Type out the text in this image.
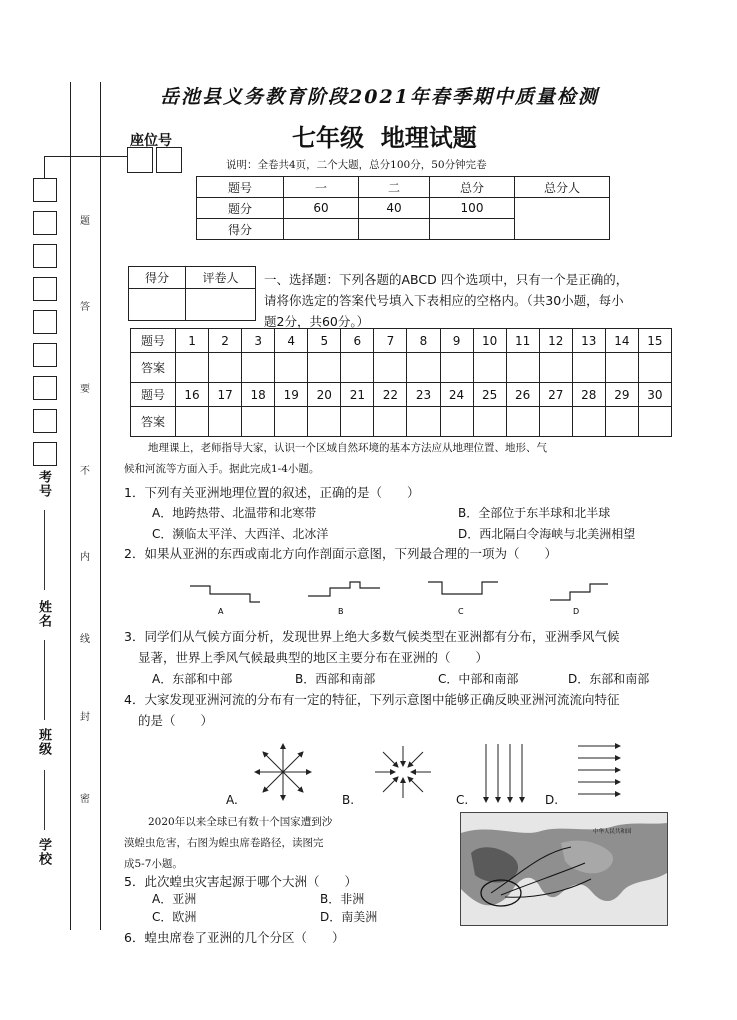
考号
姓名
班级
学校
题
答
要
不
内
线
封
密
座位号
岳池县义务教育阶段2021年春季期中质量检测
七年级  地理试题
说明：全卷共4页，二个大题，总分100分，50分钟完卷
题号	一	二	总分	总分人
题分	60	40	100	
得分				
得分	评卷人
	一、选择题：下列各题的ABCD 四个选项中，只有一个是正确的，
请将你选定的答案代号填入下表相应的空格内。（共30小题，每小
题2分，共60分。）
题号	1	2	3	4	5	6	7	8	9	10	11	12	13	14	15
答案															
题号	16	17	18	19	20	21	22	23	24	25	26	27	28	29	30
答案															
地理课上，老师指导大家，认识一个区域自然环境的基本方法应从地理位置、地形、气
候和河流等方面入手。据此完成1-4小题。
1．下列有关亚洲地理位置的叙述，正确的是（　　）
A．地跨热带、北温带和北寒带	B．全部位于东半球和北半球
C．濒临太平洋、大西洋、北冰洋	D．西北隔白令海峡与北美洲相望
2．如果从亚洲的东西或南北方向作剖面示意图，下列最合理的一项为（　　）
A	B	C	D
3．同学们从气候方面分析，发现世界上绝大多数气候类型在亚洲都有分布，亚洲季风气候
显著，世界上季风气候最典型的地区主要分布在亚洲的（　　）
A．东部和中部	B．西部和南部	C．中部和南部	D．东部和南部
4．大家发现亚洲河流的分布有一定的特征，下列示意图中能够正确反映亚洲河流流向特征
的是（　　）
A.	B.	C.	D.
2020年以来全球已有数十个国家遭到沙
漠蝗虫危害，右图为蝗虫席卷路径，读图完
成5-7小题。
中华人民共和国
5．此次蝗虫灾害起源于哪个大洲（　　）
A．亚洲	B．非洲
C．欧洲	D．南美洲
6．蝗虫席卷了亚洲的几个分区（　　）
